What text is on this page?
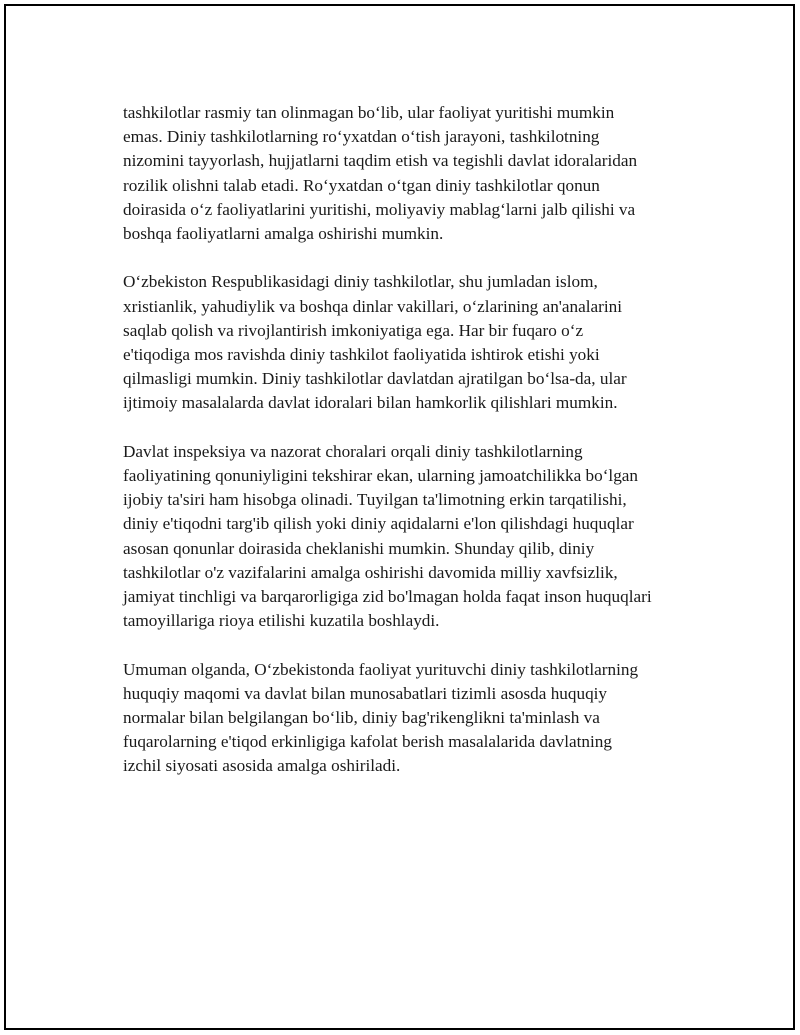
tashkilotlar rasmiy tan olinmagan bo‘lib, ular faoliyat yuritishi mumkin
emas. Diniy tashkilotlarning ro‘yxatdan o‘tish jarayoni, tashkilotning
nizomini tayyorlash, hujjatlarni taqdim etish va tegishli davlat idoralaridan
rozilik olishni talab etadi. Ro‘yxatdan o‘tgan diniy tashkilotlar qonun
doirasida o‘z faoliyatlarini yuritishi, moliyaviy mablag‘larni jalb qilishi va
boshqa faoliyatlarni amalga oshirishi mumkin.
O‘zbekiston Respublikasidagi diniy tashkilotlar, shu jumladan islom,
xristianlik, yahudiylik va boshqa dinlar vakillari, o‘zlarining an'analarini
saqlab qolish va rivojlantirish imkoniyatiga ega. Har bir fuqaro o‘z
e'tiqodiga mos ravishda diniy tashkilot faoliyatida ishtirok etishi yoki
qilmasligi mumkin. Diniy tashkilotlar davlatdan ajratilgan bo‘lsa-da, ular
ijtimoiy masalalarda davlat idoralari bilan hamkorlik qilishlari mumkin.
Davlat inspeksiya va nazorat choralari orqali diniy tashkilotlarning
faoliyatining qonuniyligini tekshirar ekan, ularning jamoatchilikka bo‘lgan
ijobiy ta'siri ham hisobga olinadi. Tuyilgan ta'limotning erkin tarqatilishi,
diniy e'tiqodni targ'ib qilish yoki diniy aqidalarni e'lon qilishdagi huquqlar
asosan qonunlar doirasida cheklanishi mumkin. Shunday qilib, diniy
tashkilotlar o'z vazifalarini amalga oshirishi davomida milliy xavfsizlik,
jamiyat tinchligi va barqarorligiga zid bo'lmagan holda faqat inson huquqlari
tamoyillariga rioya etilishi kuzatila boshlaydi.
Umuman olganda, O‘zbekistonda faoliyat yurituvchi diniy tashkilotlarning
huquqiy maqomi va davlat bilan munosabatlari tizimli asosda huquqiy
normalar bilan belgilangan bo‘lib, diniy bag'rikenglikni ta'minlash va
fuqarolarning e'tiqod erkinligiga kafolat berish masalalarida davlatning
izchil siyosati asosida amalga oshiriladi.
